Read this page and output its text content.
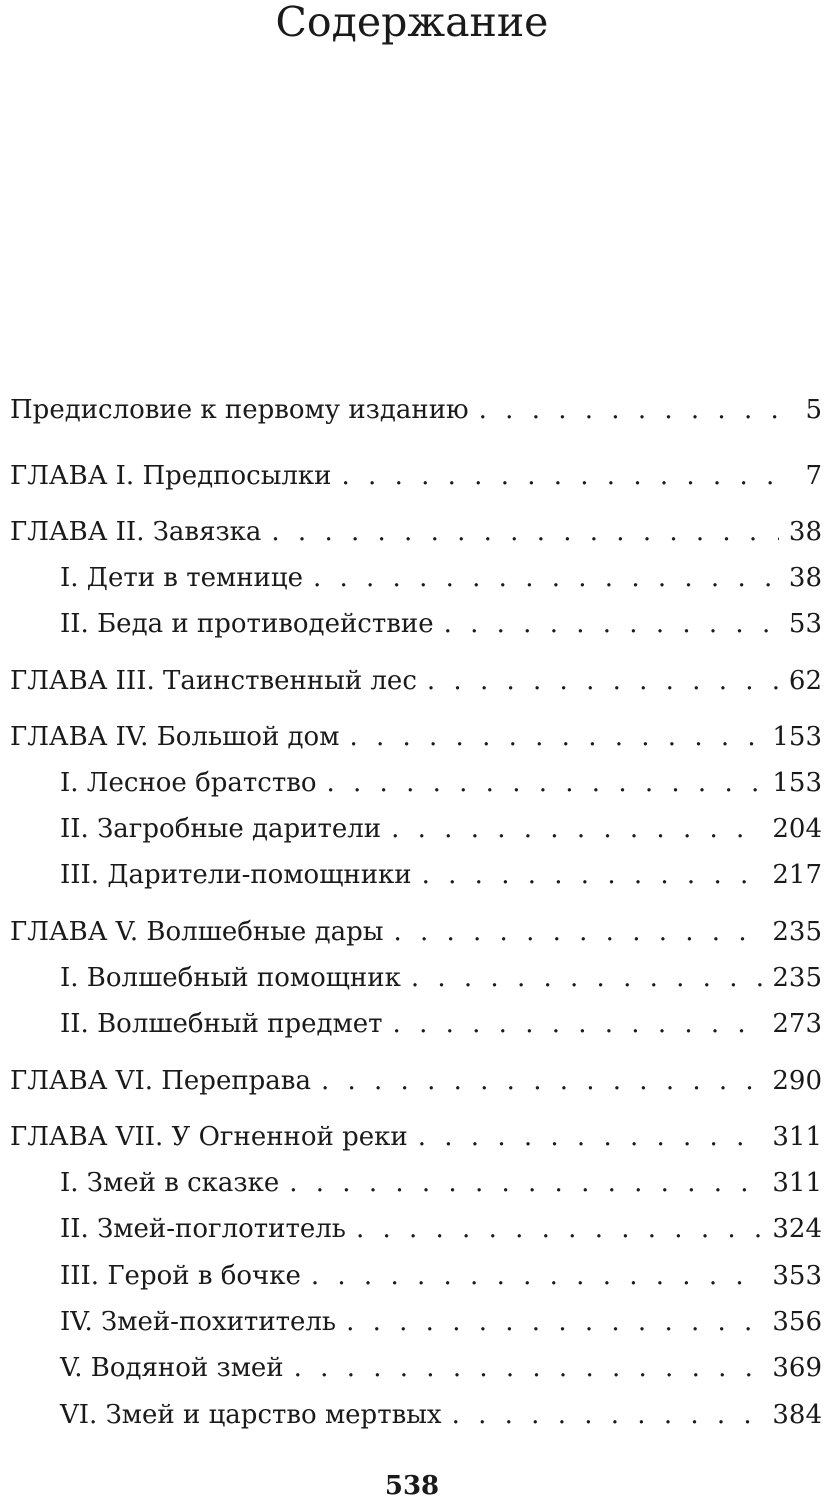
Содержание
Предисловие к первому изданию . . .	5
ГЛАВА I. Предпосылки . . .	7
ГЛАВА II. Завязка . . .	38
I. Дети в темнице . . .	38
II. Беда и противодействие . . .	53
ГЛАВА III. Таинственный лес . . .	62
ГЛАВА IV. Большой дом . . .	153
I. Лесное братство . . .	153
II. Загробные дарители . . .	204
III. Дарители-помощники . . .	217
ГЛАВА V. Волшебные дары . . .	235
I. Волшебный помощник . . .	235
II. Волшебный предмет . . .	273
ГЛАВА VI. Переправа . . .	290
ГЛАВА VII. У Огненной реки . . .	311
I. Змей в сказке . . .	311
II. Змей-поглотитель . . .	324
III. Герой в бочке . . .	353
IV. Змей-похититель . . .	356
V. Водяной змей . . .	369
VI. Змей и царство мертвых . . .	384
538
